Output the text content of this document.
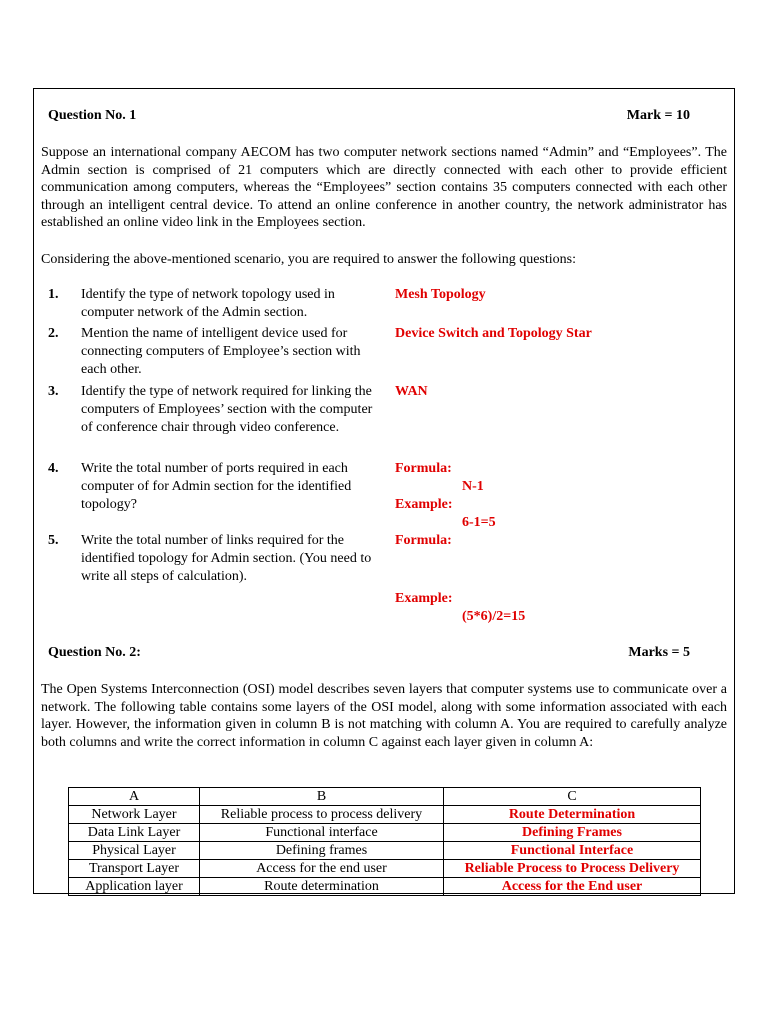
Question No. 1	Mark = 10
Suppose an international company AECOM has two computer network sections named “Admin” and “Employees”. The Admin section is comprised of 21 computers which are directly connected with each other to provide efficient communication among computers, whereas the “Employees” section contains 35 computers connected with each other through an intelligent central device. To attend an online conference in another country, the network administrator has established an online video link in the Employees section.
Considering the above-mentioned scenario, you are required to answer the following questions:
1. Identify the type of network topology used in computer network of the Admin section.
Mesh Topology
2. Mention the name of intelligent device used for connecting computers of Employee’s section with each other.
Device Switch and Topology Star
3. Identify the type of network required for linking the computers of Employees’ section with the computer of conference chair through video conference.
WAN
4. Write the total number of ports required in each computer of for Admin section for the identified topology?
Formula:
N-1
Example:
6-1=5
5. Write the total number of links required for the identified topology for Admin section. (You need to write all steps of calculation).
Formula:
Example:
(5*6)/2=15
Question No. 2:	Marks = 5
The Open Systems Interconnection (OSI) model describes seven layers that computer systems use to communicate over a network. The following table contains some layers of the OSI model, along with some information associated with each layer. However, the information given in column B is not matching with column A. You are required to carefully analyze both columns and write the correct information in column C against each layer given in column A:
A	B	C
Network Layer	Reliable process to process delivery	Route Determination
Data Link Layer	Functional interface	Defining Frames
Physical Layer	Defining frames	Functional Interface
Transport Layer	Access for the end user	Reliable Process to Process Delivery
Application layer	Route determination	Access for the End user
